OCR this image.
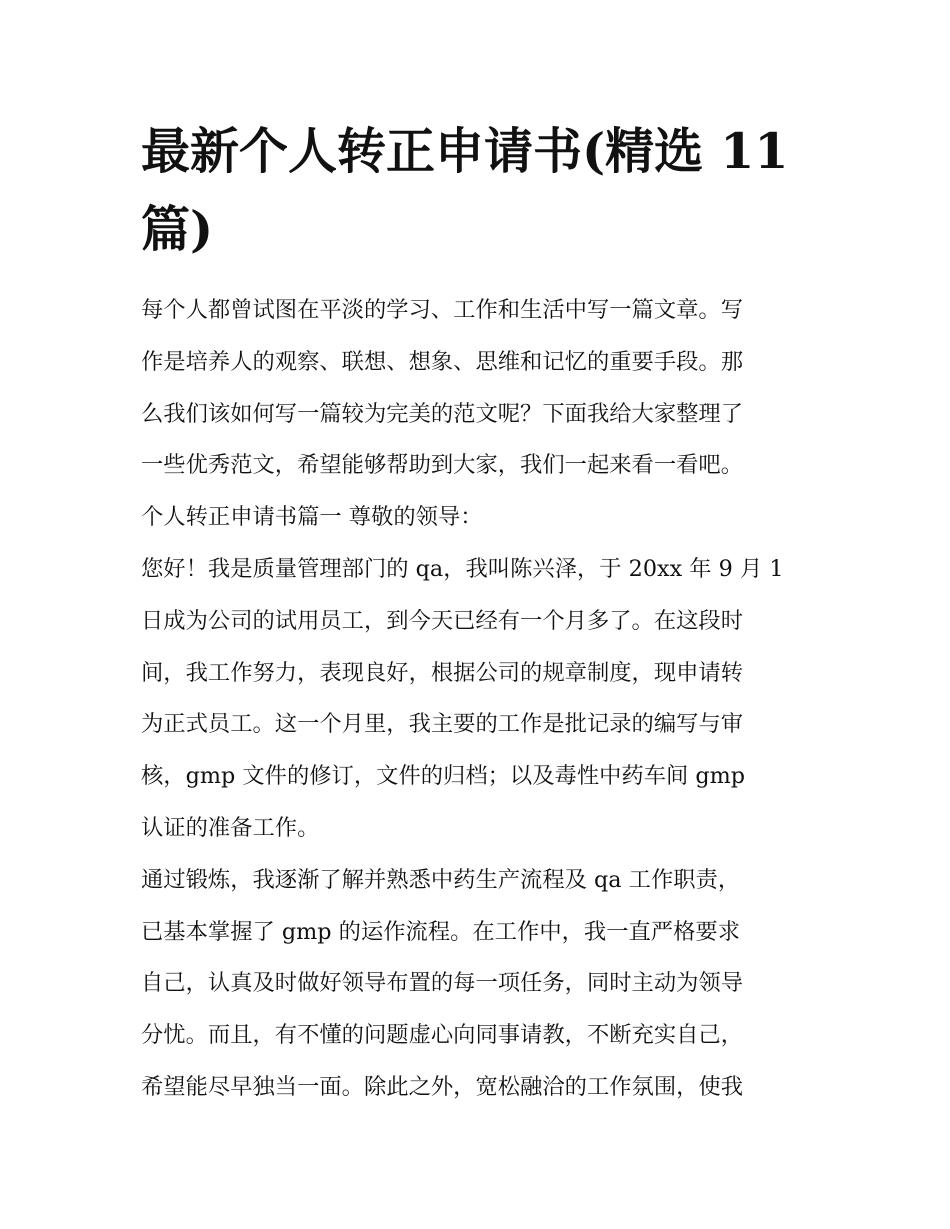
最新个人转正申请书(精选 11
篇)
每个人都曾试图在平淡的学习、工作和生活中写一篇文章。写
作是培养人的观察、联想、想象、思维和记忆的重要手段。那
么我们该如何写一篇较为完美的范文呢？下面我给大家整理了
一些优秀范文，希望能够帮助到大家，我们一起来看一看吧。
个人转正申请书篇一 尊敬的领导：
您好！我是质量管理部门的 qa，我叫陈兴泽，于 20xx 年 9 月 1
日成为公司的试用员工，到今天已经有一个月多了。在这段时
间，我工作努力，表现良好，根据公司的规章制度，现申请转
为正式员工。这一个月里，我主要的工作是批记录的编写与审
核，gmp 文件的修订，文件的归档；以及毒性中药车间 gmp
认证的准备工作。
通过锻炼，我逐渐了解并熟悉中药生产流程及 qa 工作职责，
已基本掌握了 gmp 的运作流程。在工作中，我一直严格要求
自己，认真及时做好领导布置的每一项任务，同时主动为领导
分忧。而且，有不懂的问题虚心向同事请教，不断充实自己，
希望能尽早独当一面。除此之外，宽松融洽的工作氛围，使我
